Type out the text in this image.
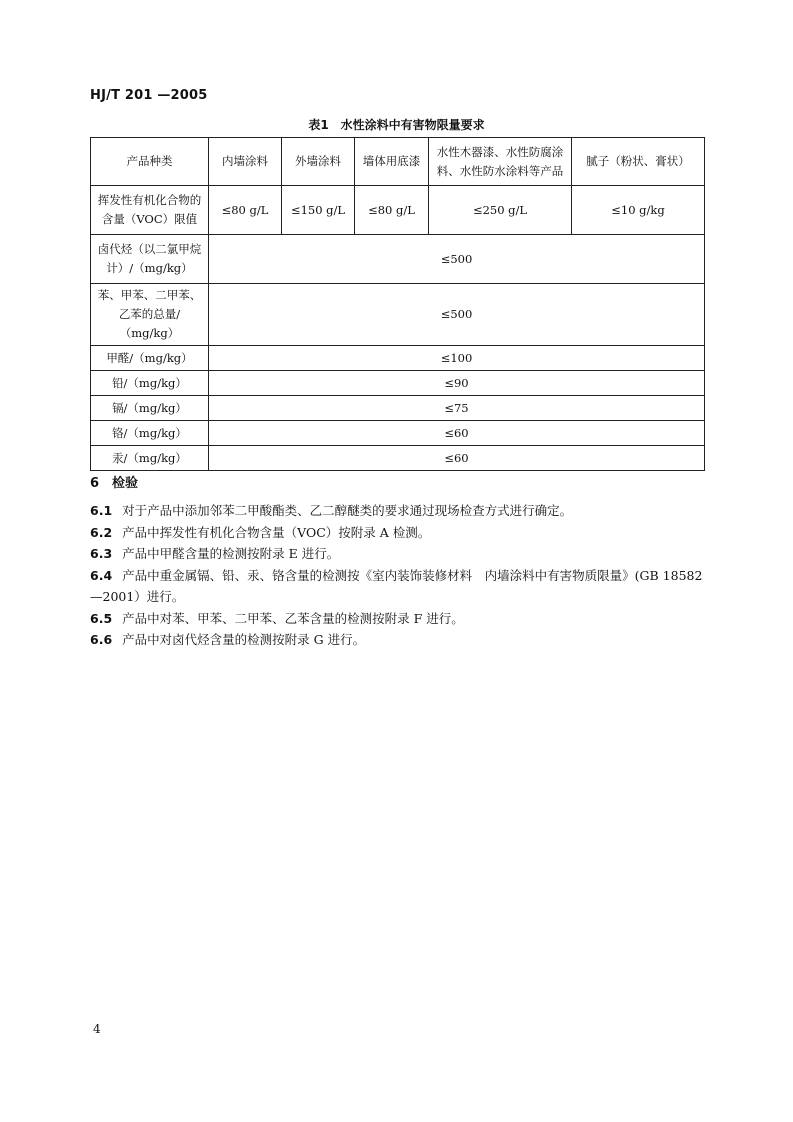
HJ/T 201 —2005
表1　水性涂料中有害物限量要求
产品种类	内墙涂料	外墙涂料	墙体用底漆	水性木器漆、水性防腐涂料、水性防水涂料等产品	腻子（粉状、膏状）
挥发性有机化合物的含量（VOC）限值	≤80 g/L	≤150 g/L	≤80 g/L	≤250 g/L	≤10 g/kg
卤代烃（以二氯甲烷计）/（mg/kg）	≤500				
苯、甲苯、二甲苯、乙苯的总量/（mg/kg）	≤500				
甲醛/（mg/kg）	≤100				
铅/（mg/kg）	≤90				
镉/（mg/kg）	≤75				
铬/（mg/kg）	≤60				
汞/（mg/kg）	≤60				
6　检验
6.1 对于产品中添加邻苯二甲酸酯类、乙二醇醚类的要求通过现场检查方式进行确定。
6.2 产品中挥发性有机化合物含量（VOC）按附录 A 检测。
6.3 产品中甲醛含量的检测按附录 E 进行。
6.4 产品中重金属镉、铅、汞、铬含量的检测按《室内装饰装修材料　内墙涂料中有害物质限量》(GB 18582—2001）进行。
6.5 产品中对苯、甲苯、二甲苯、乙苯含量的检测按附录 F 进行。
6.6 产品中对卤代烃含量的检测按附录 G 进行。
4
